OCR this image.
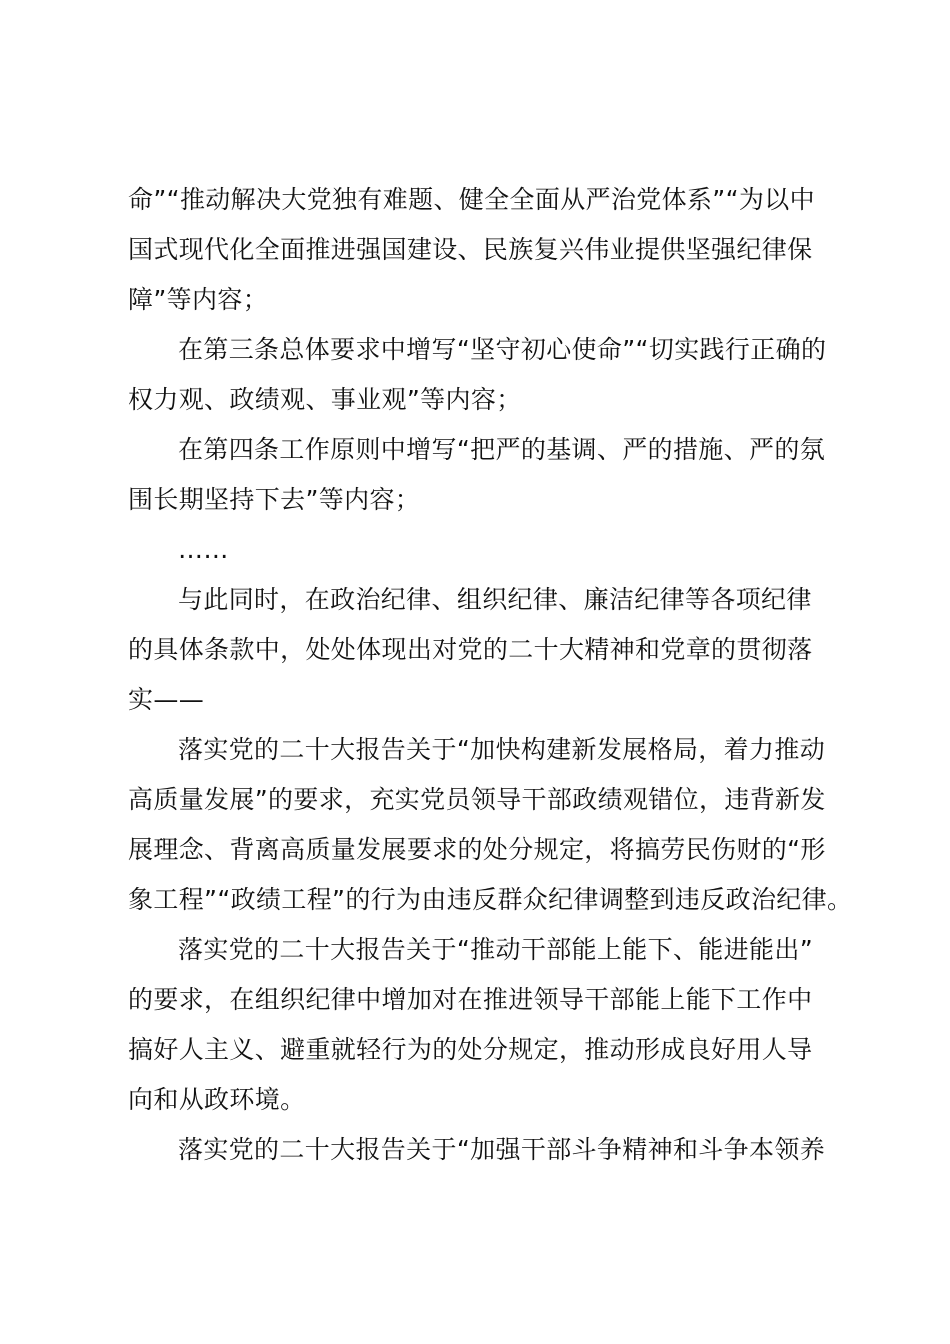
命”“推动解决大党独有难题、健全全面从严治党体系”“为以中
国式现代化全面推进强国建设、民族复兴伟业提供坚强纪律保
障”等内容；
在第三条总体要求中增写“坚守初心使命”“切实践行正确的
权力观、政绩观、事业观”等内容；
在第四条工作原则中增写“把严的基调、严的措施、严的氛
围长期坚持下去”等内容；
……
与此同时，在政治纪律、组织纪律、廉洁纪律等各项纪律
的具体条款中，处处体现出对党的二十大精神和党章的贯彻落
实——
落实党的二十大报告关于“加快构建新发展格局，着力推动
高质量发展”的要求，充实党员领导干部政绩观错位，违背新发
展理念、背离高质量发展要求的处分规定，将搞劳民伤财的“形
象工程”“政绩工程”的行为由违反群众纪律调整到违反政治纪律。
落实党的二十大报告关于“推动干部能上能下、能进能出”
的要求，在组织纪律中增加对在推进领导干部能上能下工作中
搞好人主义、避重就轻行为的处分规定，推动形成良好用人导
向和从政环境。
落实党的二十大报告关于“加强干部斗争精神和斗争本领养
